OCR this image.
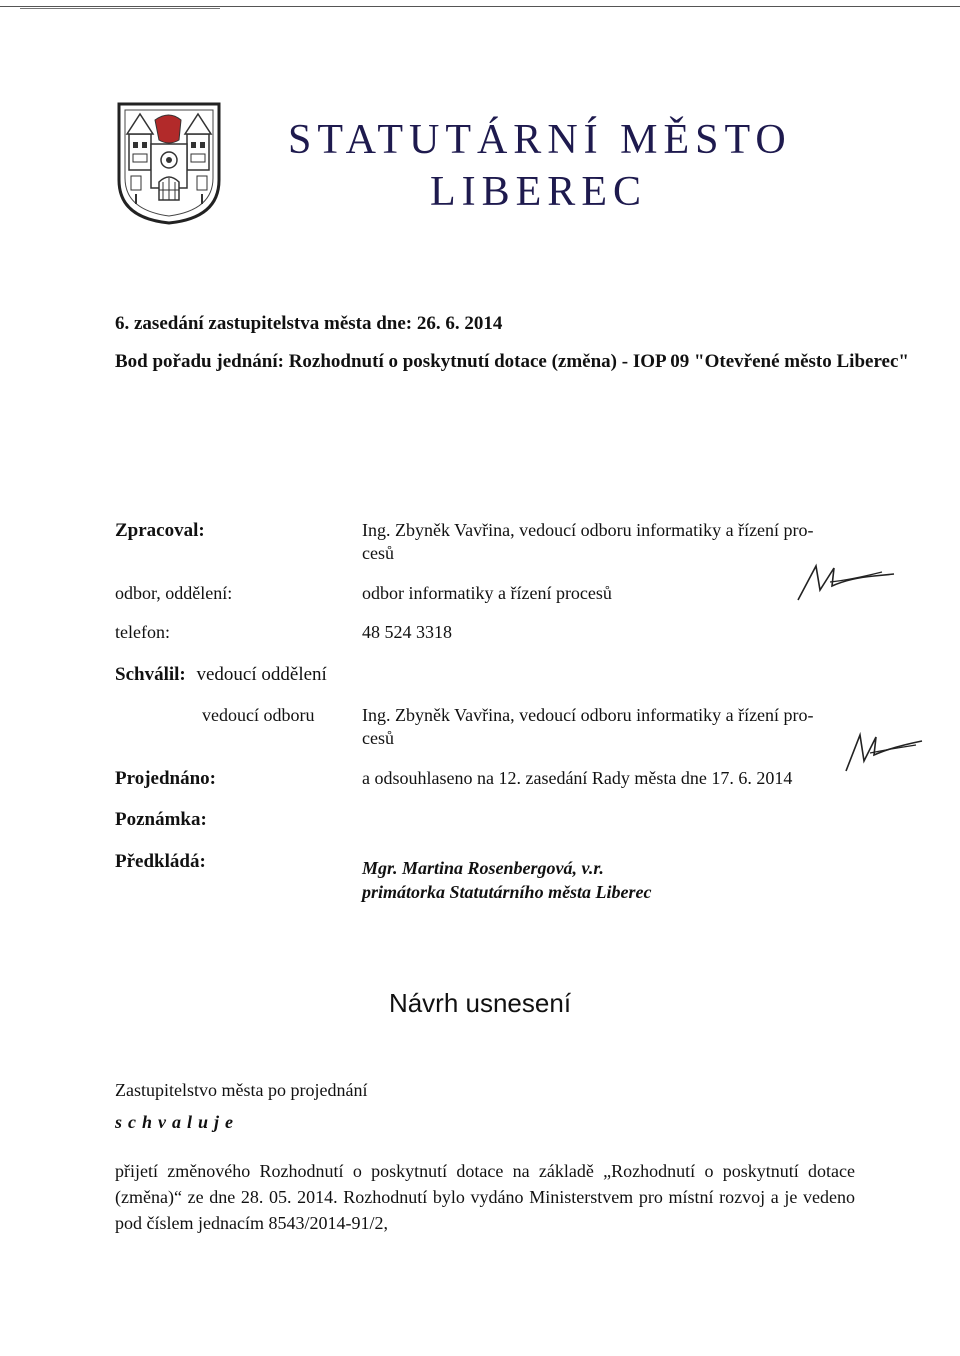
STATUTÁRNÍ MĚSTO
LIBEREC
6. zasedání zastupitelstva města dne: 26. 6. 2014
Bod pořadu jednání: Rozhodnutí o poskytnutí dotace (změna) - IOP 09 "Otevřené město Liberec"
Zpracoval:	Ing. Zbyněk Vavřina, vedoucí odboru informatiky a řízení pro-
cesů
odbor, oddělení:	odbor informatiky a řízení procesů
telefon:	48 524 3318
Schválil: vedoucí oddělení
vedoucí odboru	Ing. Zbyněk Vavřina, vedoucí odboru informatiky a řízení pro-
cesů
Projednáno:	a odsouhlaseno na 12. zasedání Rady města dne 17. 6. 2014
Poznámka:
Předkládá:	Mgr. Martina Rosenbergová, v.r.
primátorka Statutárního města Liberec
Návrh usnesení
Zastupitelstvo města po projednání
schvaluje
přijetí změnového Rozhodnutí o poskytnutí dotace na základě „Rozhodnutí o poskytnutí dotace (změna)“ ze dne 28. 05. 2014. Rozhodnutí bylo vydáno Ministerstvem pro místní rozvoj a je vedeno pod číslem jednacím 8543/2014-91/2,
